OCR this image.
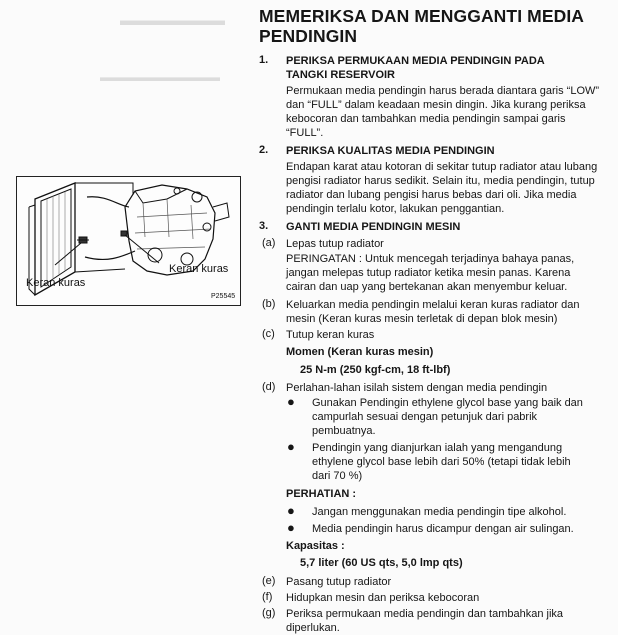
▬▬▬▬▬▬▬
▬▬▬▬▬▬▬▬▬▬
Keran kuras
Keran kuras
P25545
MEMERIKSA DAN MENGGANTI MEDIA
PENDINGIN
1. PERIKSA PERMUKAAN MEDIA PENDINGIN PADA
TANGKI RESERVOIR
Permukaan media pendingin harus berada diantara garis “LOW”
dan “FULL” dalam keadaan mesin dingin. Jika kurang periksa
kebocoran dan tambahkan media pendingin sampai garis
“FULL”.
2. PERIKSA KUALITAS MEDIA PENDINGIN
Endapan karat atau kotoran di sekitar tutup radiator atau lubang
pengisi radiator harus sedikit. Selain itu, media pendingin, tutup
radiator dan lubang pengisi harus bebas dari oli. Jika media
pendingin terlalu kotor, lakukan penggantian.
3. GANTI MEDIA PENDINGIN MESIN
(a) Lepas tutup radiator
PERINGATAN : Untuk mencegah terjadinya bahaya panas,
jangan melepas tutup radiator ketika mesin panas. Karena
cairan dan uap yang bertekanan akan menyembur keluar.
(b) Keluarkan media pendingin melalui keran kuras radiator dan
mesin (Keran kuras mesin terletak di depan blok mesin)
(c) Tutup keran kuras
Momen (Keran kuras mesin)
25 N-m (250 kgf-cm, 18 ft-lbf)
(d) Perlahan-lahan isilah sistem dengan media pendingin
● Gunakan Pendingin ethylene glycol base yang baik dan
campurlah sesuai dengan petunjuk dari pabrik
pembuatnya.
● Pendingin yang dianjurkan ialah yang mengandung
ethylene glycol base lebih dari 50% (tetapi tidak lebih
dari 70 %)
PERHATIAN :
● Jangan menggunakan media pendingin tipe alkohol.
● Media pendingin harus dicampur dengan air sulingan.
Kapasitas :
5,7 liter (60 US qts, 5,0 lmp qts)
(e) Pasang tutup radiator
(f) Hidupkan mesin dan periksa kebocoran
(g) Periksa permukaan media pendingin dan tambahkan jika
diperlukan.
